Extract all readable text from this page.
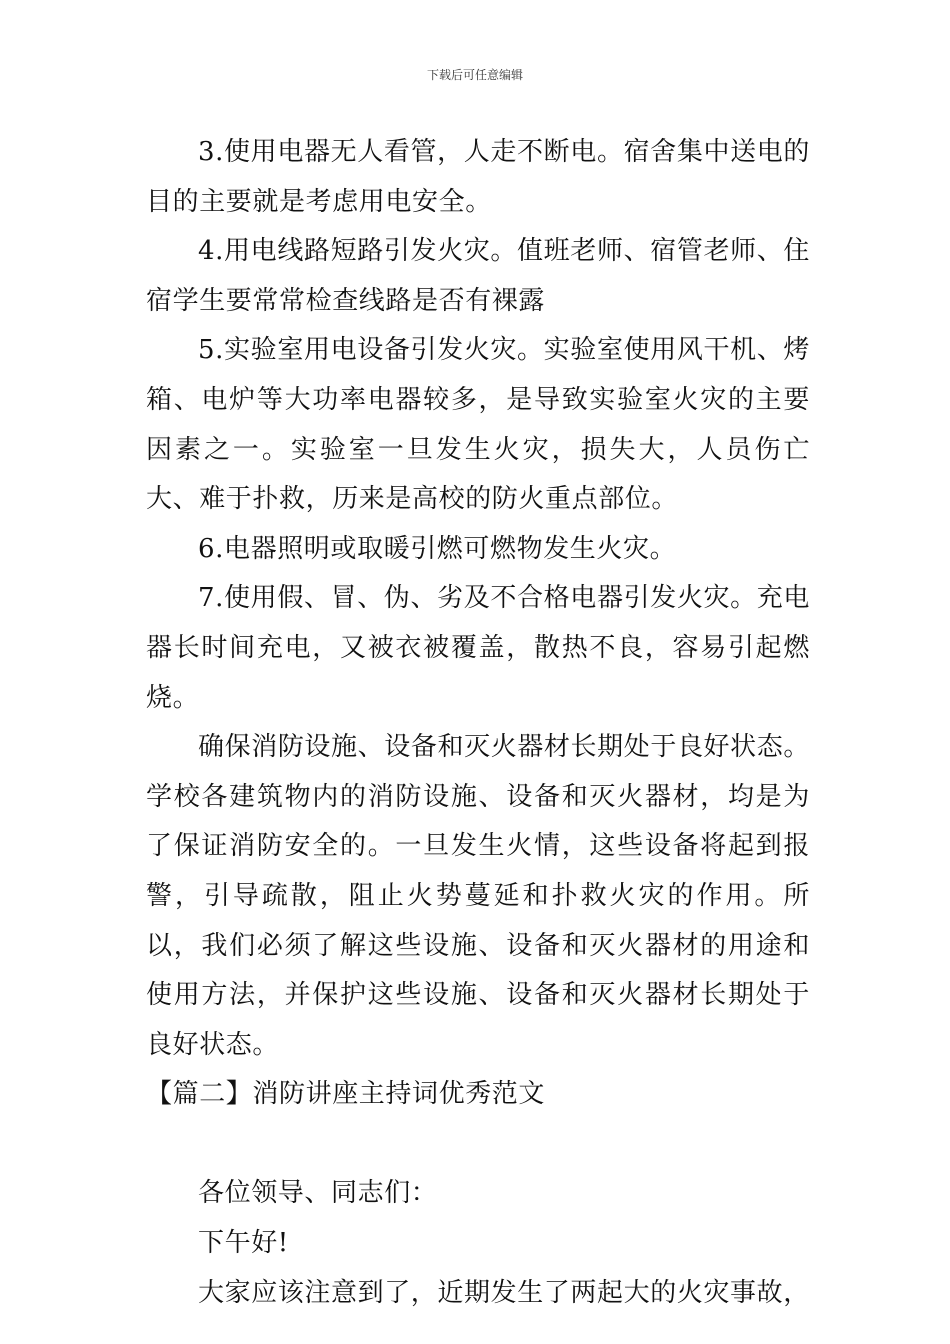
下载后可任意编辑

3.使用电器无人看管，人走不断电。宿舍集中送电的目的主要就是考虑用电安全。

4.用电线路短路引发火灾。值班老师、宿管老师、住宿学生要常常检查线路是否有裸露

5.实验室用电设备引发火灾。实验室使用风干机、烤箱、电炉等大功率电器较多，是导致实验室火灾的主要因素之一。实验室一旦发生火灾，损失大，人员伤亡大、难于扑救，历来是高校的防火重点部位。

6.电器照明或取暖引燃可燃物发生火灾。

7.使用假、冒、伪、劣及不合格电器引发火灾。充电器长时间充电，又被衣被覆盖，散热不良，容易引起燃烧。

确保消防设施、设备和灭火器材长期处于良好状态。学校各建筑物内的消防设施、设备和灭火器材，均是为了保证消防安全的。一旦发生火情，这些设备将起到报警，引导疏散，阻止火势蔓延和扑救火灾的作用。所以，我们必须了解这些设施、设备和灭火器材的用途和使用方法，并保护这些设施、设备和灭火器材长期处于良好状态。

【篇二】消防讲座主持词优秀范文

各位领导、同志们：

下午好!

大家应该注意到了，近期发生了两起大的火灾事故，
